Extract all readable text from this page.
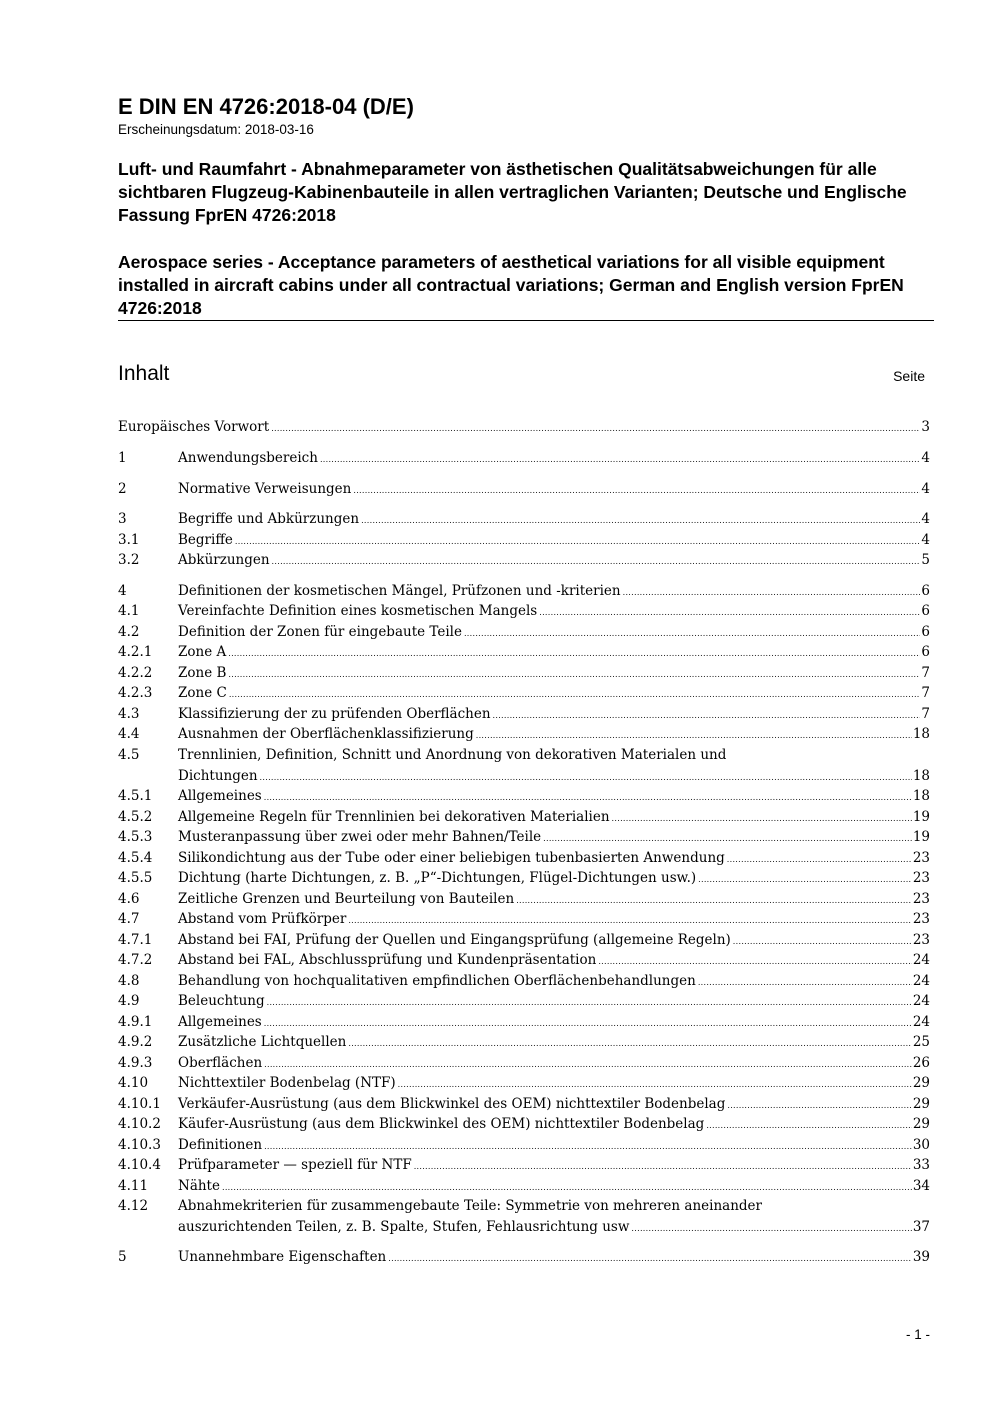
E DIN EN 4726:2018-04 (D/E)
Erscheinungsdatum: 2018-03-16
Luft- und Raumfahrt - Abnahmeparameter von ästhetischen Qualitätsabweichungen für alle sichtbaren Flugzeug-Kabinenbauteile in allen vertraglichen Varianten; Deutsche und Englische Fassung FprEN 4726:2018
Aerospace series - Acceptance parameters of aesthetical variations for all visible equipment installed in aircraft cabins under all contractual variations; German and English version FprEN 4726:2018
Inhalt	Seite
Europäisches Vorwort .....	3
1	Anwendungsbereich .....	4
2	Normative Verweisungen .....	4
3	Begriffe und Abkürzungen .....	4
3.1	Begriffe .....	4
3.2	Abkürzungen .....	5
4	Definitionen der kosmetischen Mängel, Prüfzonen und -kriterien .....	6
4.1	Vereinfachte Definition eines kosmetischen Mangels .....	6
4.2	Definition der Zonen für eingebaute Teile .....	6
4.2.1 Zone A .....	6
4.2.2 Zone B .....	7
4.2.3 Zone C .....	7
4.3	Klassifizierung der zu prüfenden Oberflächen .....	7
4.4	Ausnahmen der Oberflächenklassifizierung .....	18
4.5	Trennlinien, Definition, Schnitt und Anordnung von dekorativen Materialen und
Dichtungen .....	18
4.5.1 Allgemeines .....	18
4.5.2 Allgemeine Regeln für Trennlinien bei dekorativen Materialien .....	19
4.5.3 Musteranpassung über zwei oder mehr Bahnen/Teile .....	19
4.5.4 Silikondichtung aus der Tube oder einer beliebigen tubenbasierten Anwendung .....	23
4.5.5 Dichtung (harte Dichtungen, z. B. „P“-Dichtungen, Flügel-Dichtungen usw.) .....	23
4.6	Zeitliche Grenzen und Beurteilung von Bauteilen .....	23
4.7	Abstand vom Prüfkörper .....	23
4.7.1 Abstand bei FAI, Prüfung der Quellen und Eingangsprüfung (allgemeine Regeln) .....	23
4.7.2 Abstand bei FAL, Abschlussprüfung und Kundenpräsentation .....	24
4.8	Behandlung von hochqualitativen empfindlichen Oberflächenbehandlungen .....	24
4.9	Beleuchtung .....	24
4.9.1 Allgemeines .....	24
4.9.2 Zusätzliche Lichtquellen .....	25
4.9.3 Oberflächen .....	26
4.10 Nichttextiler Bodenbelag (NTF) .....	29
4.10.1 Verkäufer-Ausrüstung (aus dem Blickwinkel des OEM) nichttextiler Bodenbelag .....	29
4.10.2 Käufer-Ausrüstung (aus dem Blickwinkel des OEM) nichttextiler Bodenbelag .....	29
4.10.3 Definitionen .....	30
4.10.4 Prüfparameter — speziell für NTF .....	33
4.11 Nähte .....	34
4.12 Abnahmekriterien für zusammengebaute Teile: Symmetrie von mehreren aneinander
auszurichtenden Teilen, z. B. Spalte, Stufen, Fehlausrichtung usw .....	37
5	Unannehmbare Eigenschaften .....	39
- 1 -
